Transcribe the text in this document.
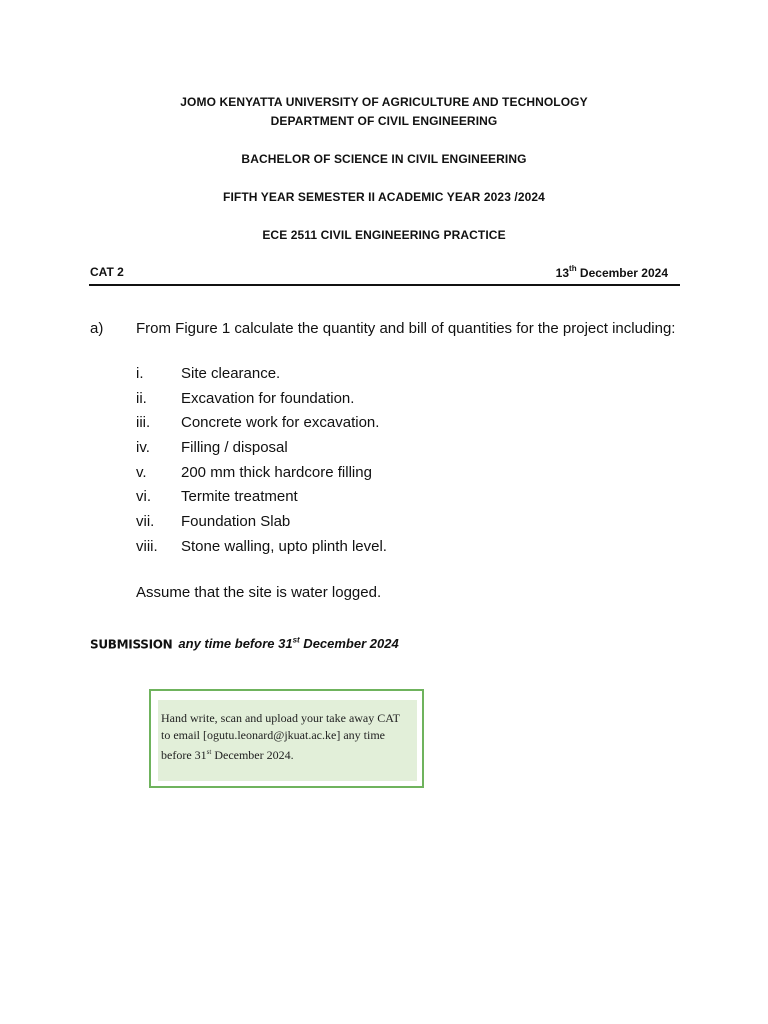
JOMO KENYATTA UNIVERSITY OF AGRICULTURE AND TECHNOLOGY
DEPARTMENT OF CIVIL ENGINEERING
BACHELOR OF SCIENCE IN CIVIL ENGINEERING
FIFTH YEAR SEMESTER II ACADEMIC YEAR 2023 /2024
ECE 2511 CIVIL ENGINEERING PRACTICE
CAT 2	13th December 2024
a) From Figure 1 calculate the quantity and bill of quantities for the project including:
i.	Site clearance.
ii. Excavation for foundation.
iii. Concrete work for excavation.
iv. Filling / disposal
v. 200 mm thick hardcore filling
vi. Termite treatment
vii. Foundation Slab
viii. Stone walling, upto plinth level.
Assume that the site is water logged.
SUBMISSION any time before 31st December 2024
Hand write, scan and upload your take away CAT
to email [ogutu.leonard@jkuat.ac.ke] any time
before 31st December 2024.
